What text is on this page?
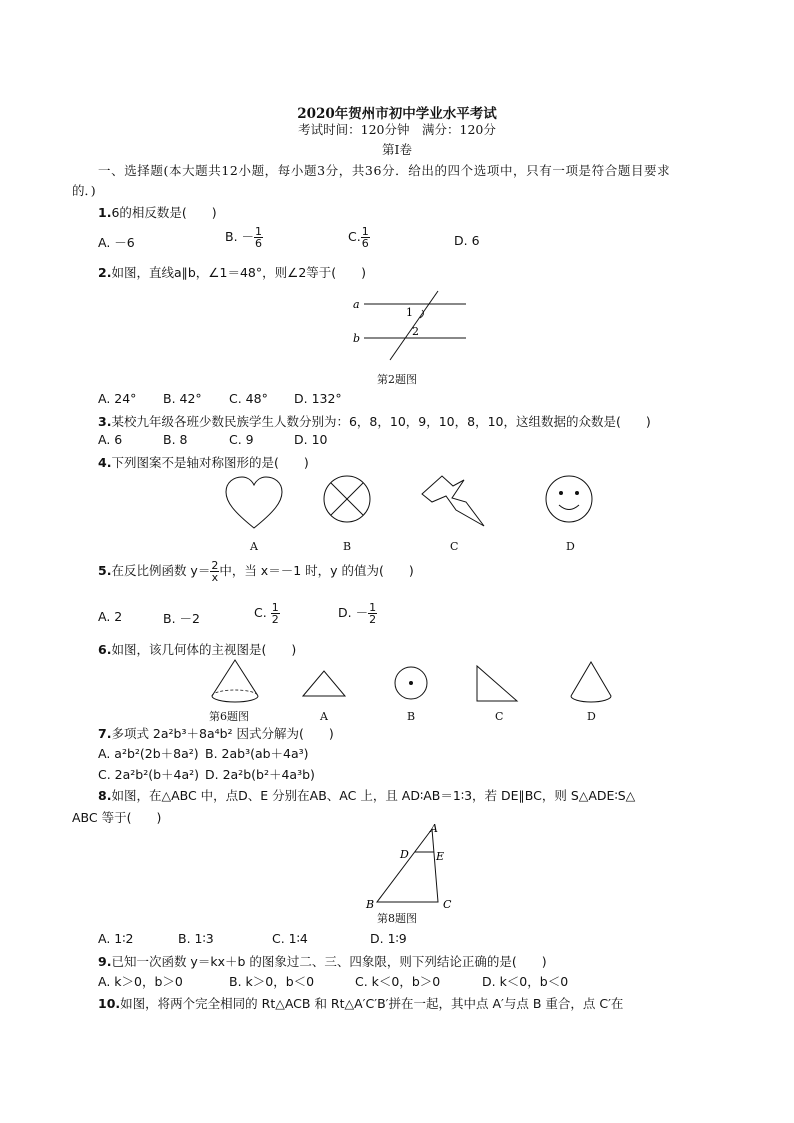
2020年贺州市初中学业水平考试
考试时间：120分钟　满分：120分
第Ⅰ卷
一、选择题(本大题共12小题，每小题3分，共36分．给出的四个选项中，只有一项是符合题目要求
的．)
1.6的相反数是(　　)
A. －6	B. － $\frac{1}{6}$	C. $\frac{1}{6}$	D. 6
2.如图，直线a∥b，∠1＝48°，则∠2等于(　　)
a
b
1
2
第2题图
A. 24° B. 42° C. 48° D. 132°
3.某校九年级各班少数民族学生人数分别为：6，8，10，9，10，8，10，这组数据的众数是(　　)
A. 6	B. 8	C. 9	D. 10
4.下列图案不是轴对称图形的是(　　)
A	B	C	D
5.在反比例函数 $y= \frac{2}{x}$ 中，当 x＝－1 时，y 的值为(　　)
A. 2	B. －2	C. $\frac{1}{2}$	D. － $\frac{1}{2}$
6.如图，该几何体的主视图是(　　)
第6题图	A	B	C	D
7.多项式 2a²b³＋8a⁴b² 因式分解为(　　)
A. a²b²(2b＋8a²) B. 2ab³(ab＋4a³)
C. 2a²b²(b＋4a²) D. 2a²b(b²＋4a³b)
8.如图，在△ABC 中，点D、E 分别在AB、AC 上，且 AD∶AB＝1∶3，若 DE∥BC，则 S△ADE∶S△
ABC 等于(　　)
A
D E
B	C
第8题图
A. 1∶2	B. 1∶3	C. 1∶4	D. 1∶9
9.已知一次函数 y＝kx＋b 的图象过二、三、四象限，则下列结论正确的是(　　)
A. k＞0，b＞0	B. k＞0，b＜0	C. k＜0，b＞0	D. k＜0，b＜0
10.如图，将两个完全相同的 Rt△ACB 和 Rt△A′C′B′拼在一起，其中点 A′与点 B 重合，点 C′在
